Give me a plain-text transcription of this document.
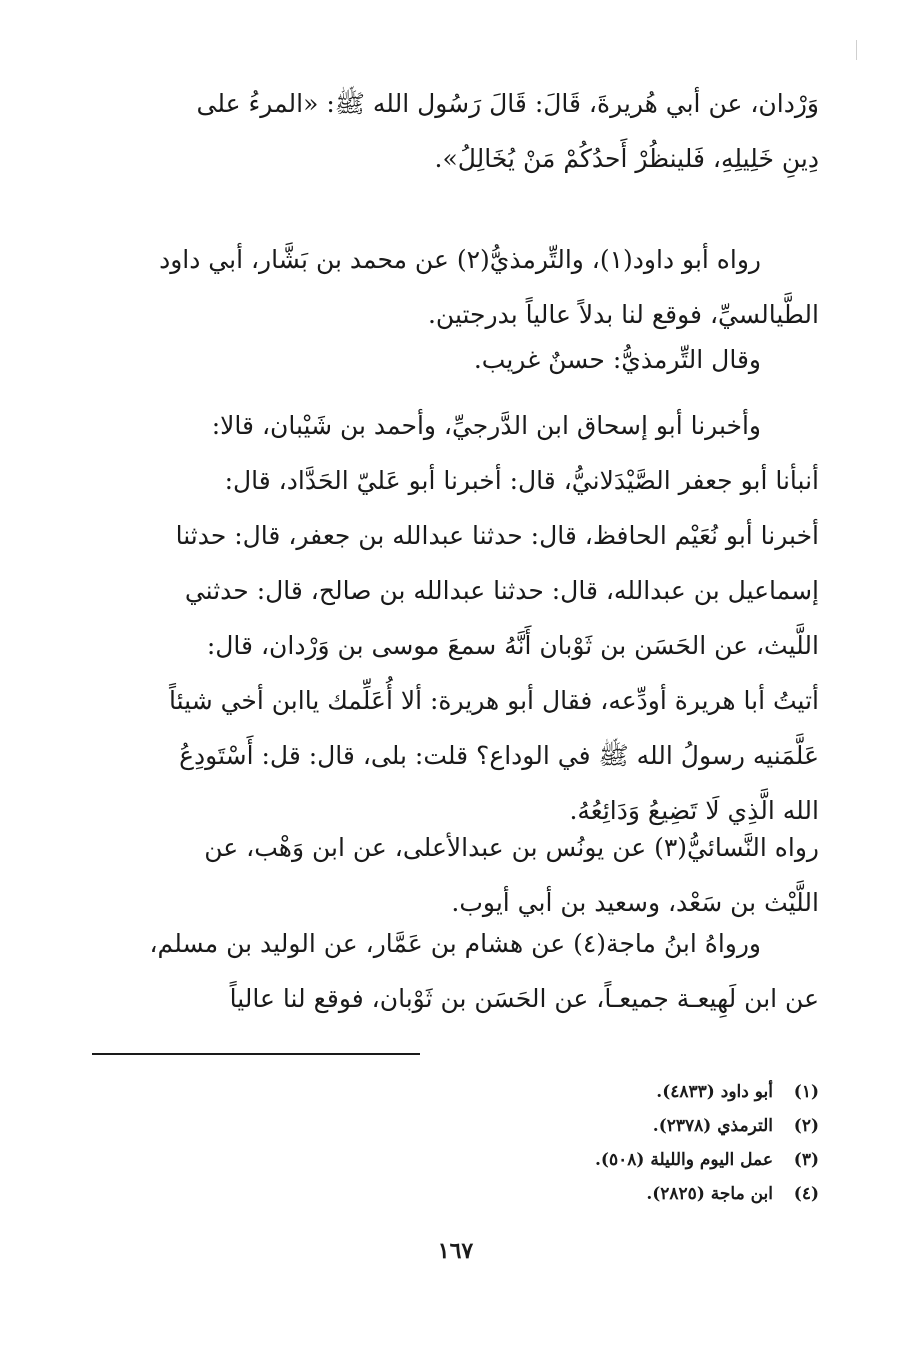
وَرْدان، عن أبي هُريرةَ، قَالَ: قَالَ رَسُول الله ﷺ: «المرءُ على
دِينِ خَلِيلِهِ، فَلينظُرْ أَحدُكُمْ مَنْ يُخَالِلُ».
رواه أبو داود(١)، والتِّرمذيُّ(٢) عن محمد بن بَشَّار، أبي داود
الطَّيالسيِّ، فوقع لنا بدلاً عالياً بدرجتين.
وقال التِّرمذيُّ: حسنٌ غريب.
وأخبرنا أبو إسحاق ابن الدَّرجيِّ، وأحمد بن شَيْبان، قالا:
أنبأنا أبو جعفر الصَّيْدَلانيُّ، قال: أخبرنا أبو عَليّ الحَدَّاد، قال:
أخبرنا أبو نُعَيْم الحافظ، قال: حدثنا عبدالله بن جعفر، قال: حدثنا
إسماعيل بن عبدالله، قال: حدثنا عبدالله بن صالح، قال: حدثني
اللَّيث، عن الحَسَن بن ثَوْبان أَنَّهُ سمعَ موسى بن وَرْدان، قال:
أتيتُ أبا هريرة أودِّعه، فقال أبو هريرة: ألا أُعَلِّمك ياابن أخي شيئاً
عَلَّمَنيه رسولُ الله ﷺ في الوداع؟ قلت: بلى، قال: قل: أَسْتَودِعُ
الله الَّذِي لَا تَضِيعُ وَدَائِعُهُ.
رواه النَّسائيُّ(٣) عن يونُس بن عبدالأعلى، عن ابن وَهْب، عن
اللَّيْث بن سَعْد، وسعيد بن أبي أيوب.
ورواهُ ابنُ ماجة(٤) عن هشام بن عَمَّار، عن الوليد بن مسلم،
عن ابن لَهِيعـة جميعـاً، عن الحَسَن بن ثَوْبان، فوقع لنا عالياً
(١)
أبو داود (٤٨٣٣).
(٢)
الترمذي (٢٣٧٨).
(٣)
عمل اليوم والليلة (٥٠٨).
(٤)
ابن ماجة (٢٨٢٥).
١٦٧
